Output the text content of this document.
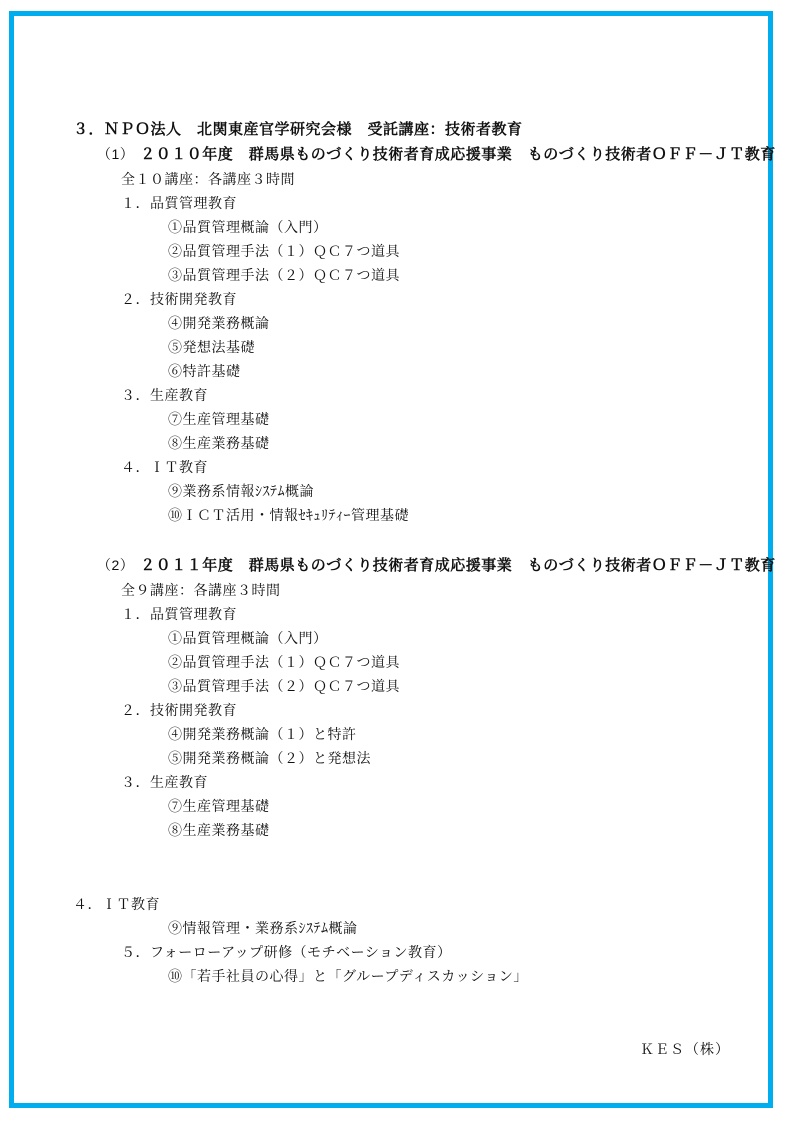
３．ＮＰＯ法人　北関東産官学研究会様　受託講座：技術者教育
（1） ２０１０年度　群馬県ものづくり技術者育成応援事業　ものづくり技術者ＯＦＦ－ＪＴ教育
全１０講座：各講座３時間
１．品質管理教育
①品質管理概論（入門）
②品質管理手法（１）ＱＣ７つ道具
③品質管理手法（２）ＱＣ７つ道具
２．技術開発教育
④開発業務概論
⑤発想法基礎
⑥特許基礎
３．生産教育
⑦生産管理基礎
⑧生産業務基礎
４．ＩＴ教育
⑨業務系情報ｼｽﾃﾑ概論
⑩ＩＣＴ活用・情報ｾｷｭﾘﾃｨｰ管理基礎
（2） ２０１１年度　群馬県ものづくり技術者育成応援事業　ものづくり技術者ＯＦＦ－ＪＴ教育
全９講座：各講座３時間
１．品質管理教育
①品質管理概論（入門）
②品質管理手法（１）ＱＣ７つ道具
③品質管理手法（２）ＱＣ７つ道具
２．技術開発教育
④開発業務概論（１）と特許
⑤開発業務概論（２）と発想法
３．生産教育
⑦生産管理基礎
⑧生産業務基礎
４．ＩＴ教育
⑨情報管理・業務系ｼｽﾃﾑ概論
５．フォーローアップ研修（モチベーション教育）
⑩「若手社員の心得」と「グループディスカッション」
ＫＥＳ（株）
